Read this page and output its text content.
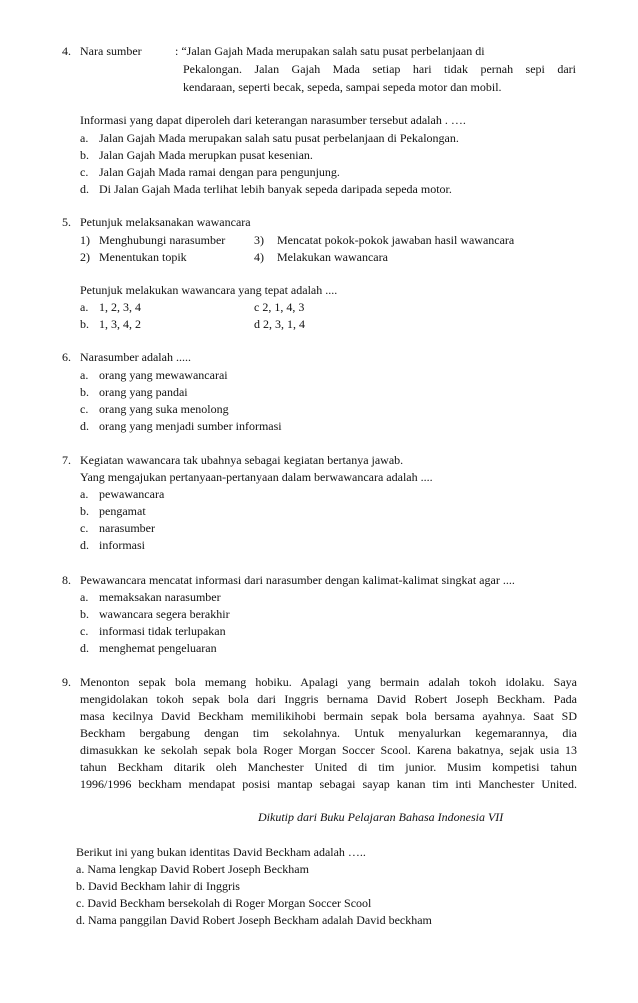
4. Nara sumber	: “Jalan Gajah Mada merupakan salah satu pusat perbelanjaan di
Pekalongan. Jalan Gajah Mada setiap hari tidak pernah sepi dari
kendaraan, seperti becak, sepeda, sampai sepeda motor dan mobil.
Informasi yang dapat diperoleh dari keterangan narasumber tersebut adalah . ….
a. Jalan Gajah Mada merupakan salah satu pusat perbelanjaan di Pekalongan.
b. Jalan Gajah Mada merupkan pusat kesenian.
c. Jalan Gajah Mada ramai dengan para pengunjung.
d. Di Jalan Gajah Mada terlihat lebih banyak sepeda daripada sepeda motor.
5. Petunjuk melaksanakan wawancara
1) Menghubungi narasumber
2) Menentukan topik
3) Mencatat pokok-pokok jawaban hasil wawancara
4) Melakukan wawancara
Petunjuk melakukan wawancara yang tepat adalah ....
a. 1, 2, 3, 4
b. 1, 3, 4, 2
c 2, 1, 4, 3
d 2, 3, 1, 4
6. Narasumber adalah .....
a. orang yang mewawancarai
b. orang yang pandai
c. orang yang suka menolong
d. orang yang menjadi sumber informasi
7. Kegiatan wawancara tak ubahnya sebagai kegiatan bertanya jawab.
Yang mengajukan pertanyaan-pertanyaan dalam berwawancara adalah ....
a. pewawancara
b. pengamat
c. narasumber
d. informasi
8. Pewawancara mencatat informasi dari narasumber dengan kalimat-kalimat singkat agar ....
a. memaksakan narasumber
b. wawancara segera berakhir
c. informasi tidak terlupakan
d. menghemat pengeluaran
9. Menonton sepak bola memang hobiku. Apalagi yang bermain adalah tokoh idolaku. Saya
mengidolakan tokoh sepak bola dari Inggris bernama David Robert Joseph Beckham. Pada
masa kecilnya David Beckham memilikihobi bermain sepak bola bersama ayahnya. Saat SD
Beckham bergabung dengan tim sekolahnya. Untuk menyalurkan kegemarannya, dia
dimasukkan ke sekolah sepak bola Roger Morgan Soccer Scool. Karena bakatnya, sejak usia 13
tahun Beckham ditarik oleh Manchester United di tim junior. Musim kompetisi tahun
1996/1996 beckham mendapat posisi mantap sebagai sayap kanan tim inti Manchester United.
Dikutip dari Buku Pelajaran Bahasa Indonesia VII
Berikut ini yang bukan identitas David Beckham adalah …..
a. Nama lengkap David Robert Joseph Beckham
b. David Beckham lahir di Inggris
c. David Beckham bersekolah di Roger Morgan Soccer Scool
d. Nama panggilan David Robert Joseph Beckham adalah David beckham
